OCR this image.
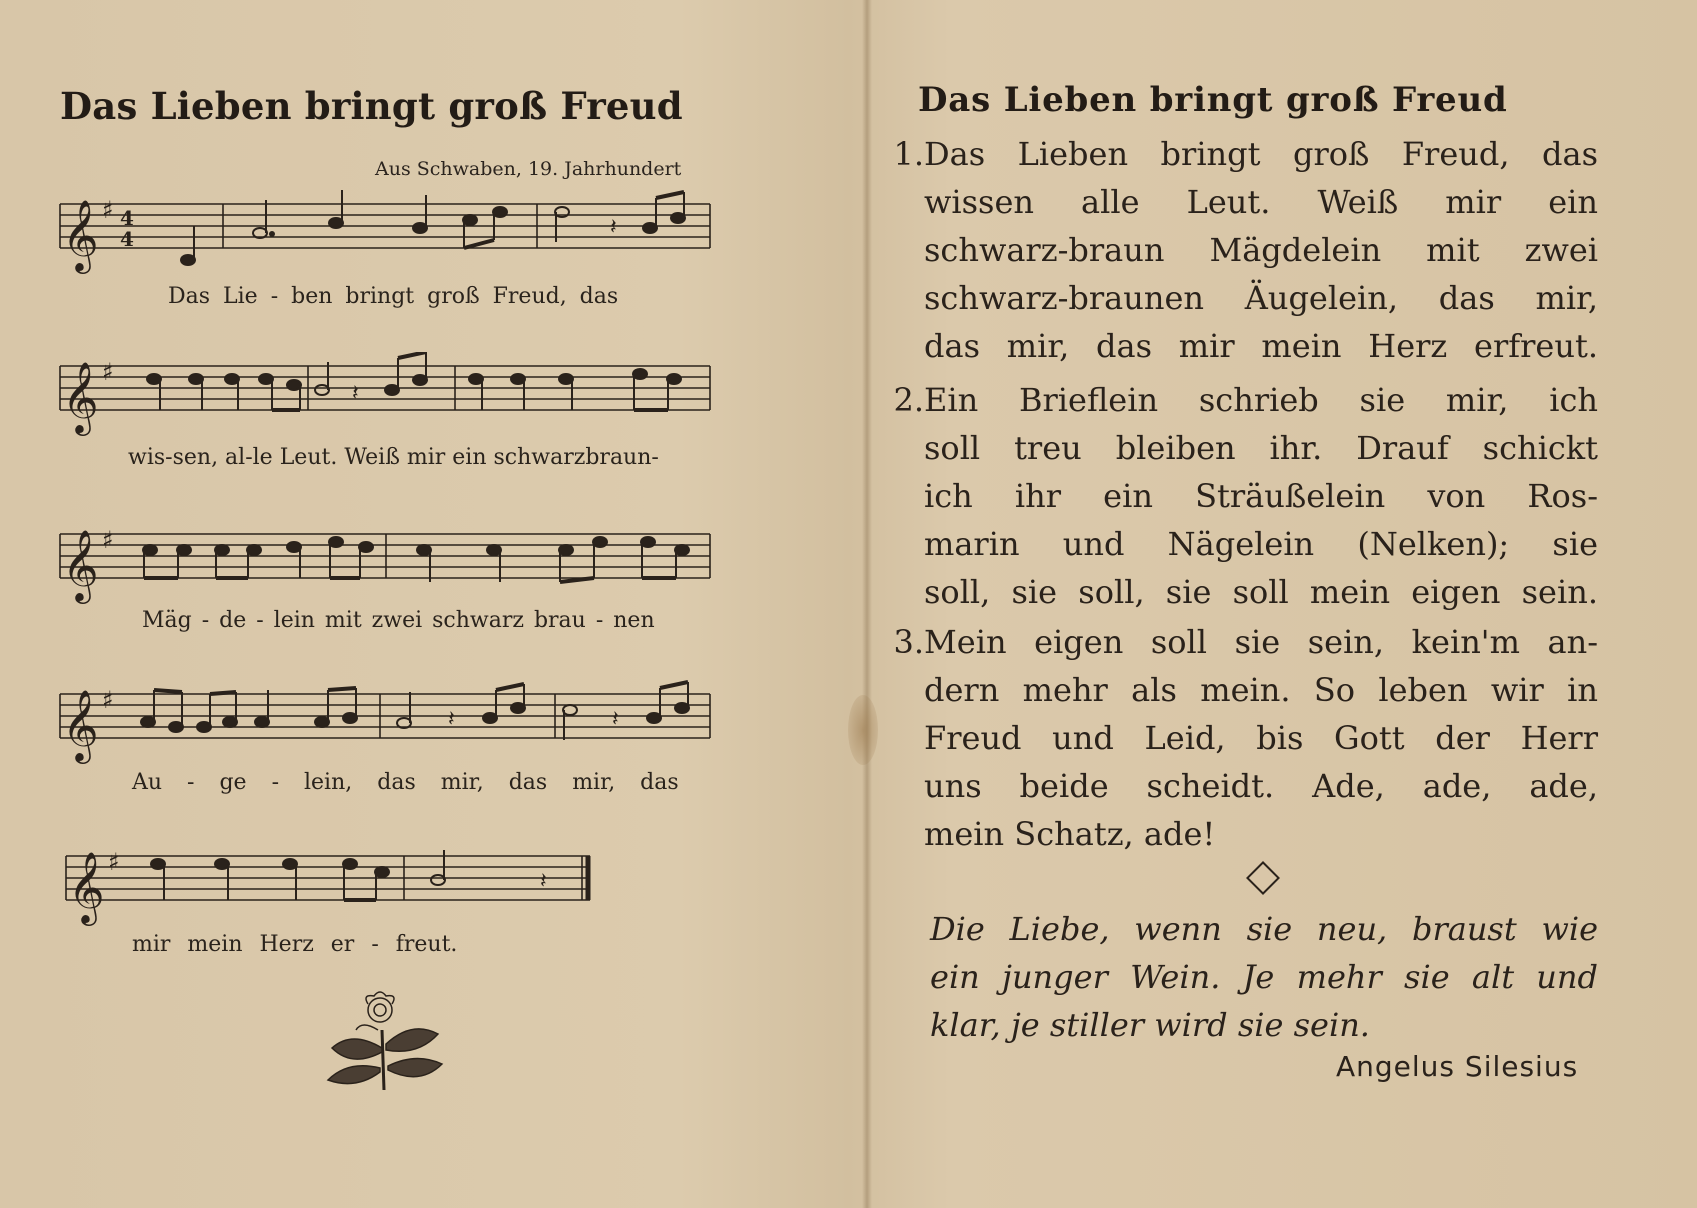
Das Lieben bringt groß Freud
Aus Schwaben, 19. Jahrhundert
𝄞 ♯ 4
4	𝄽
Das Lie - ben bringt groß Freud, das
𝄞 ♯
𝄽
wis-sen, al-le Leut. Weiß mir ein schwarzbraun-
𝄞 ♯
Mäg - de - lein mit zwei schwarz brau - nen
𝄞 ♯
𝄽	𝄽
Au - ge - lein, das mir, das mir, das
𝄞 ♯
𝄽
mir mein Herz er - freut.
Das Lieben bringt groß Freud
1. Das Lieben bringt groß Freud, das
wissen alle Leut. Weiß mir ein
schwarz-braun Mägdelein mit zwei
schwarz-braunen Äugelein, das mir,
das mir, das mir mein Herz erfreut.
2. Ein Brieflein schrieb sie mir, ich
soll treu bleiben ihr. Drauf schickt
ich ihr ein Sträußelein von Ros-
marin und Nägelein (Nelken); sie
soll, sie soll, sie soll mein eigen sein.
3. Mein eigen soll sie sein, kein'm an-
dern mehr als mein. So leben wir in
Freud und Leid, bis Gott der Herr
uns beide scheidt. Ade, ade, ade,
mein Schatz, ade!
Die Liebe, wenn sie neu, braust wie
ein junger Wein. Je mehr sie alt und
klar, je stiller wird sie sein.
Angelus Silesius
